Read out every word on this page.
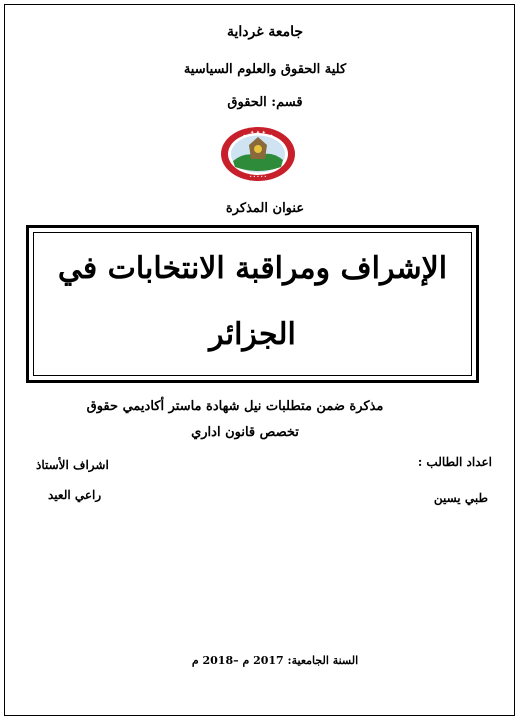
جامعة غرداية
كلية الحقوق والعلوم السياسية
قسم: الحقوق
✦ ✦ ✦
• • • • •
عنوان المذكرة
الإشراف ومراقبة الانتخابات في
الجزائر
مذكرة ضمن متطلبات نيل شهادة ماستر أكاديمي حقوق
تخصص قانون اداري
اعداد الطالب :
اشراف الأستاذ
طبي يسين
راعي العيد
السنة الجامعية: 2017 م –2018 م
